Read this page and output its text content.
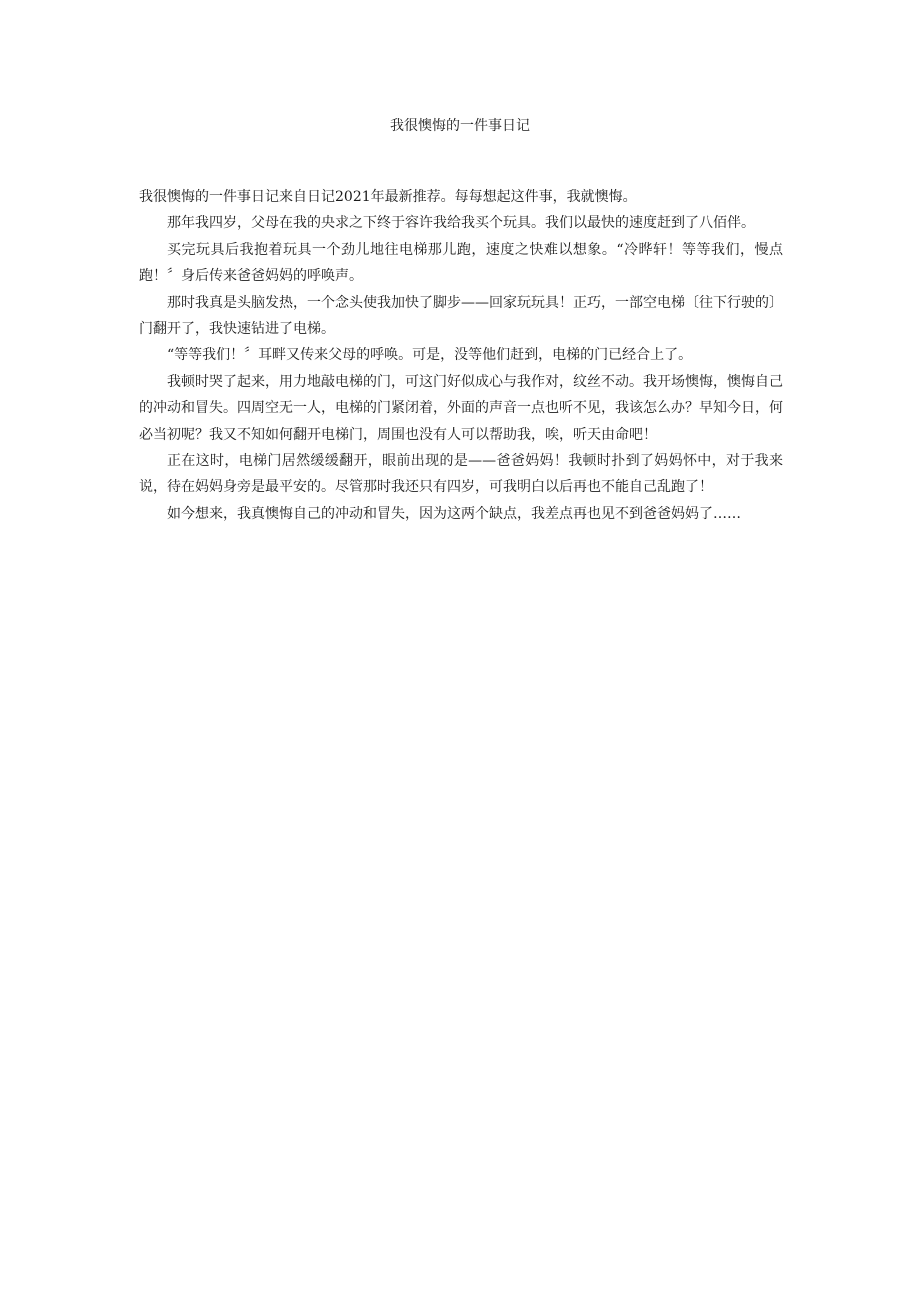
我很懊悔的一件事日记

我很懊悔的一件事日记来自日记2021年最新推荐。每每想起这件事，我就懊悔。

那年我四岁，父母在我的央求之下终于容许我给我买个玩具。我们以最快的速度赶到了八佰伴。

买完玩具后我抱着玩具一个劲儿地往电梯那儿跑，速度之快难以想象。“冷晔轩！等等我们，慢点跑！〞身后传来爸爸妈妈的呼唤声。

那时我真是头脑发热，一个念头使我加快了脚步——回家玩玩具！正巧，一部空电梯〔往下行驶的〕门翻开了，我快速钻进了电梯。

“等等我们！〞耳畔又传来父母的呼唤。可是，没等他们赶到，电梯的门已经合上了。

我顿时哭了起来，用力地敲电梯的门，可这门好似成心与我作对，纹丝不动。我开场懊悔，懊悔自己的冲动和冒失。四周空无一人，电梯的门紧闭着，外面的声音一点也听不见，我该怎么办？早知今日，何必当初呢？我又不知如何翻开电梯门，周围也没有人可以帮助我，唉，听天由命吧！

正在这时，电梯门居然缓缓翻开，眼前出现的是——爸爸妈妈！我顿时扑到了妈妈怀中，对于我来说，待在妈妈身旁是最平安的。尽管那时我还只有四岁，可我明白以后再也不能自己乱跑了！

如今想来，我真懊悔自己的冲动和冒失，因为这两个缺点，我差点再也见不到爸爸妈妈了……
